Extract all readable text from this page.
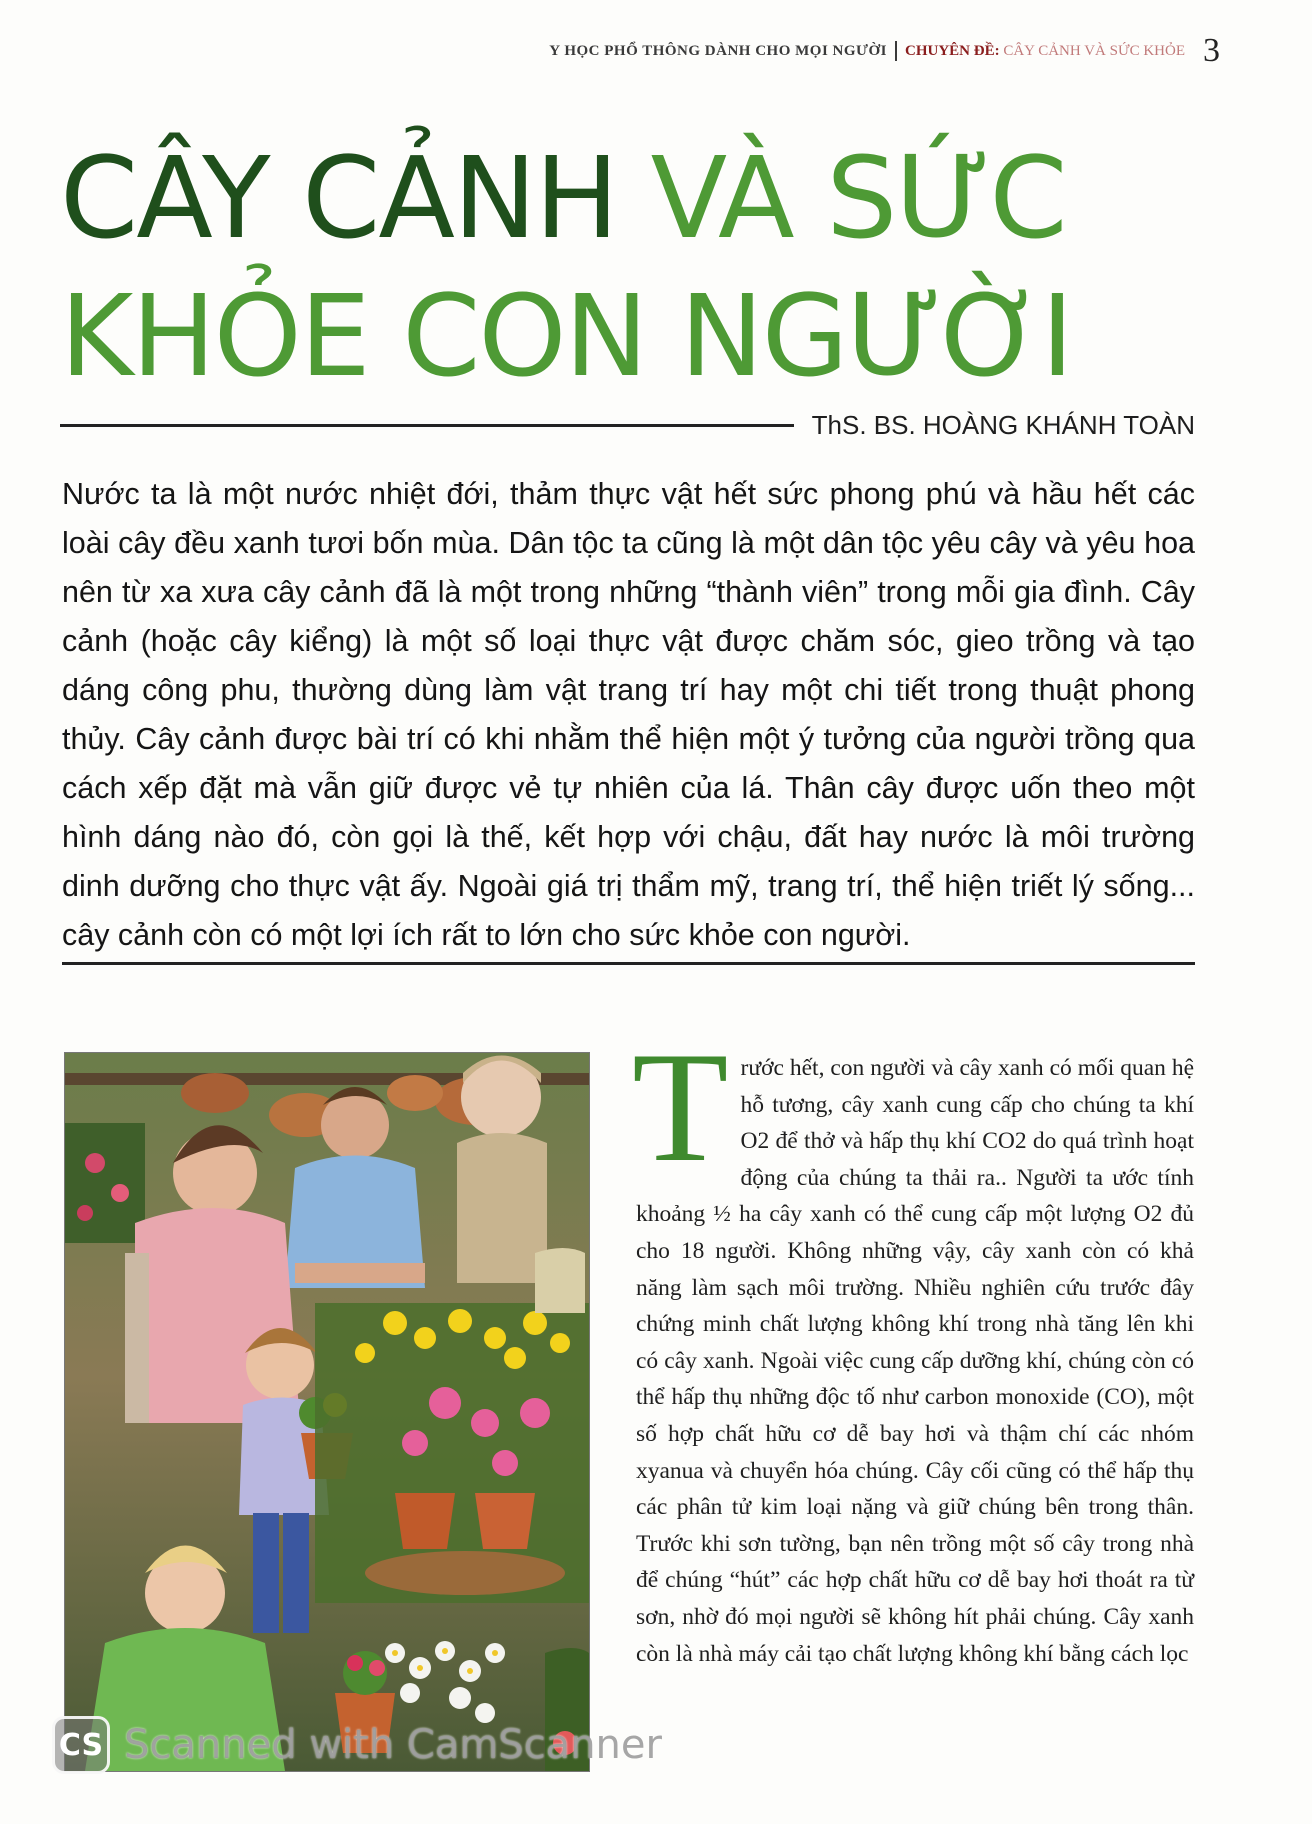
Y HỌC PHỔ THÔNG DÀNH CHO MỌI NGƯỜI CHUYÊN ĐỀ: CÂY CẢNH VÀ SỨC KHỎE 3
CÂY CẢNH VÀ SỨC
KHỎE CON NGƯỜI
ThS. BS. HOÀNG KHÁNH TOÀN

Nước ta là một nước nhiệt đới, thảm thực vật hết sức phong phú và hầu hết các loài cây đều xanh tươi bốn mùa. Dân tộc ta cũng là một dân tộc yêu cây và yêu hoa nên từ xa xưa cây cảnh đã là một trong những “thành viên” trong mỗi gia đình. Cây cảnh (hoặc cây kiểng) là một số loại thực vật được chăm sóc, gieo trồng và tạo dáng công phu, thường dùng làm vật trang trí hay một chi tiết trong thuật phong thủy. Cây cảnh được bài trí có khi nhằm thể hiện một ý tưởng của người trồng qua cách xếp đặt mà vẫn giữ được vẻ tự nhiên của lá. Thân cây được uốn theo một hình dáng nào đó, còn gọi là thế, kết hợp với chậu, đất hay nước là môi trường dinh dưỡng cho thực vật ấy. Ngoài giá trị thẩm mỹ, trang trí, thể hiện triết lý sống... cây cảnh còn có một lợi ích rất to lớn cho sức khỏe con người.

Trước hết, con người và cây xanh có mối quan hệ hỗ tương, cây xanh cung cấp cho chúng ta khí O2 để thở và hấp thụ khí CO2 do quá trình hoạt động của chúng ta thải ra.. Người ta ước tính khoảng ½ ha cây xanh có thể cung cấp một lượng O2 đủ cho 18 người. Không những vậy, cây xanh còn có khả năng làm sạch môi trường. Nhiều nghiên cứu trước đây chứng minh chất lượng không khí trong nhà tăng lên khi có cây xanh. Ngoài việc cung cấp dưỡng khí, chúng còn có thể hấp thụ những độc tố như carbon monoxide (CO), một số hợp chất hữu cơ dễ bay hơi và thậm chí các nhóm xyanua và chuyển hóa chúng. Cây cối cũng có thể hấp thụ các phân tử kim loại nặng và giữ chúng bên trong thân. Trước khi sơn tường, bạn nên trồng một số cây trong nhà để chúng “hút” các hợp chất hữu cơ dễ bay hơi thoát ra từ sơn, nhờ đó mọi người sẽ không hít phải chúng. Cây xanh còn là nhà máy cải tạo chất lượng không khí bằng cách lọc
CS Scanned with CamScanner
